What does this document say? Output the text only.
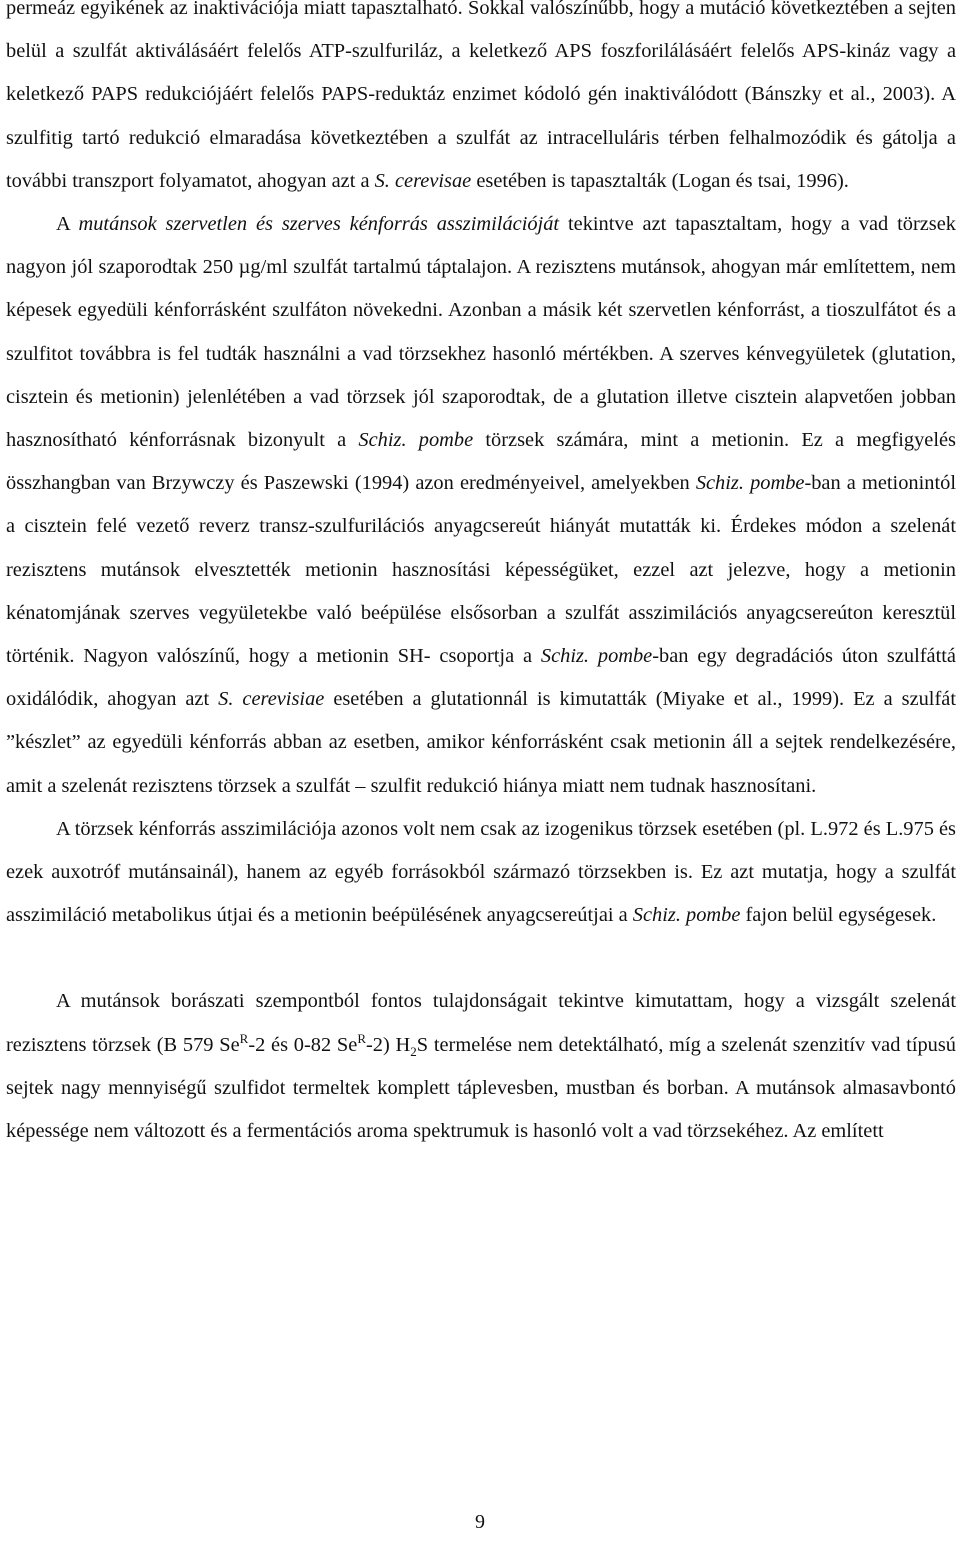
permeáz egyikének az inaktivációja miatt tapasztalható. Sokkal valószínűbb, hogy a mutáció következtében a sejten belül a szulfát aktiválásáért felelős ATP-szulfuriláz, a keletkező APS foszforilálásáért felelős APS-kináz vagy a keletkező PAPS redukciójáért felelős PAPS-reduktáz enzimet kódoló gén inaktiválódott (Bánszky et al., 2003). A szulfitig tartó redukció elmaradása következtében a szulfát az intracelluláris térben felhalmozódik és gátolja a további transzport folyamatot, ahogyan azt a S. cerevisae esetében is tapasztalták (Logan és tsai, 1996).

A mutánsok szervetlen és szerves kénforrás asszimilációját tekintve azt tapasztaltam, hogy a vad törzsek nagyon jól szaporodtak 250 µg/ml szulfát tartalmú táptalajon. A rezisztens mutánsok, ahogyan már említettem, nem képesek egyedüli kénforrásként szulfáton növekedni. Azonban a másik két szervetlen kénforrást, a tioszulfátot és a szulfitot továbbra is fel tudták használni a vad törzsekhez hasonló mértékben. A szerves kénvegyületek (glutation, cisztein és metionin) jelenlétében a vad törzsek jól szaporodtak, de a glutation illetve cisztein alapvetően jobban hasznosítható kénforrásnak bizonyult a Schiz. pombe törzsek számára, mint a metionin. Ez a megfigyelés összhangban van Brzywczy és Paszewski (1994) azon eredményeivel, amelyekben Schiz. pombe-ban a metionintól a cisztein felé vezető reverz transz-szulfurilációs anyagcsereút hiányát mutatták ki. Érdekes módon a szelenát rezisztens mutánsok elvesztették metionin hasznosítási képességüket, ezzel azt jelezve, hogy a metionin kénatomjának szerves vegyületekbe való beépülése elsősorban a szulfát asszimilációs anyagcsereúton keresztül történik. Nagyon valószínű, hogy a metionin SH- csoportja a Schiz. pombe-ban egy degradációs úton szulfáttá oxidálódik, ahogyan azt S. cerevisiae esetében a glutationnál is kimutatták (Miyake et al., 1999). Ez a szulfát ”készlet” az egyedüli kénforrás abban az esetben, amikor kénforrásként csak metionin áll a sejtek rendelkezésére, amit a szelenát rezisztens törzsek a szulfát – szulfit redukció hiánya miatt nem tudnak hasznosítani.

A törzsek kénforrás asszimilációja azonos volt nem csak az izogenikus törzsek esetében (pl. L.972 és L.975 és ezek auxotróf mutánsainál), hanem az egyéb forrásokból származó törzsekben is. Ez azt mutatja, hogy a szulfát asszimiláció metabolikus útjai és a metionin beépülésének anyagcsereútjai a Schiz. pombe fajon belül egységesek.

A mutánsok borászati szempontból fontos tulajdonságait tekintve kimutattam, hogy a vizsgált szelenát rezisztens törzsek (B 579 $Se^R-2$ és 0-82 $Se^R-2$) $H_2S$ termelése nem detektálható, míg a szelenát szenzitív vad típusú sejtek nagy mennyiségű szulfidot termeltek komplett táplevesben, mustban és borban. A mutánsok almasavbontó képessége nem változott és a fermentációs aroma spektrumuk is hasonló volt a vad törzsekéhez. Az említett

9
